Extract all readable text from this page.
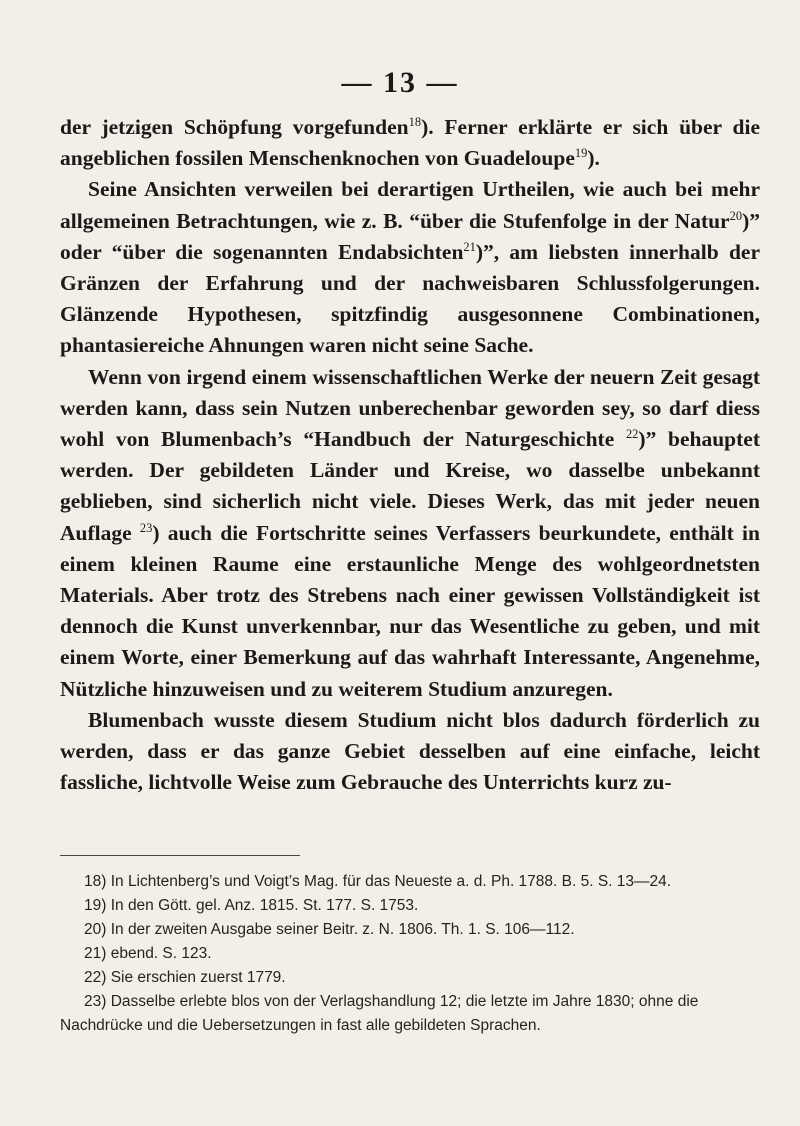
— 13 —

der jetzigen Schöpfung vorgefunden$^{18}$). Ferner erklärte er sich über die angeblichen fossilen Menschenknochen von Guadeloupe$^{19}$).

Seine Ansichten verweilen bei derartigen Urtheilen, wie auch bei mehr allgemeinen Betrachtungen, wie z. B. “über die Stufenfolge in der Natur$^{20}$)” oder “über die sogenannten Endabsichten$^{21}$)”, am liebsten innerhalb der Gränzen der Erfahrung und der nachweisbaren Schlussfolgerungen. Glänzende Hypothesen, spitzfindig ausgesonnene Combinationen, phantasiereiche Ahnungen waren nicht seine Sache.

Wenn von irgend einem wissenschaftlichen Werke der neuern Zeit gesagt werden kann, dass sein Nutzen unberechenbar geworden sey, so darf diess wohl von Blumenbach’s “Handbuch der Naturgeschichte $^{22}$)” behauptet werden. Der gebildeten Länder und Kreise, wo dasselbe unbekannt geblieben, sind sicherlich nicht viele. Dieses Werk, das mit jeder neuen Auflage $^{23}$) auch die Fortschritte seines Verfassers beurkundete, enthält in einem kleinen Raume eine erstaunliche Menge des wohlgeordnetsten Materials. Aber trotz des Strebens nach einer gewissen Vollständigkeit ist dennoch die Kunst unverkennbar, nur das Wesentliche zu geben, und mit einem Worte, einer Bemerkung auf das wahrhaft Interessante, Angenehme, Nützliche hinzuweisen und zu weiterem Studium anzuregen.

Blumenbach wusste diesem Studium nicht blos dadurch förderlich zu werden, dass er das ganze Gebiet desselben auf eine einfache, leicht fassliche, lichtvolle Weise zum Gebrauche des Unterrichts kurz zu-

18) In Lichtenberg’s und Voigt’s Mag. für das Neueste a. d. Ph. 1788. B. 5. S. 13—24.

19) In den Gött. gel. Anz. 1815. St. 177. S. 1753.

20) In der zweiten Ausgabe seiner Beitr. z. N. 1806. Th. 1. S. 106—112.

21) ebend. S. 123.

22) Sie erschien zuerst 1779.

23) Dasselbe erlebte blos von der Verlagshandlung 12; die letzte im Jahre 1830; ohne die Nachdrücke und die Uebersetzungen in fast alle gebildeten Sprachen.
